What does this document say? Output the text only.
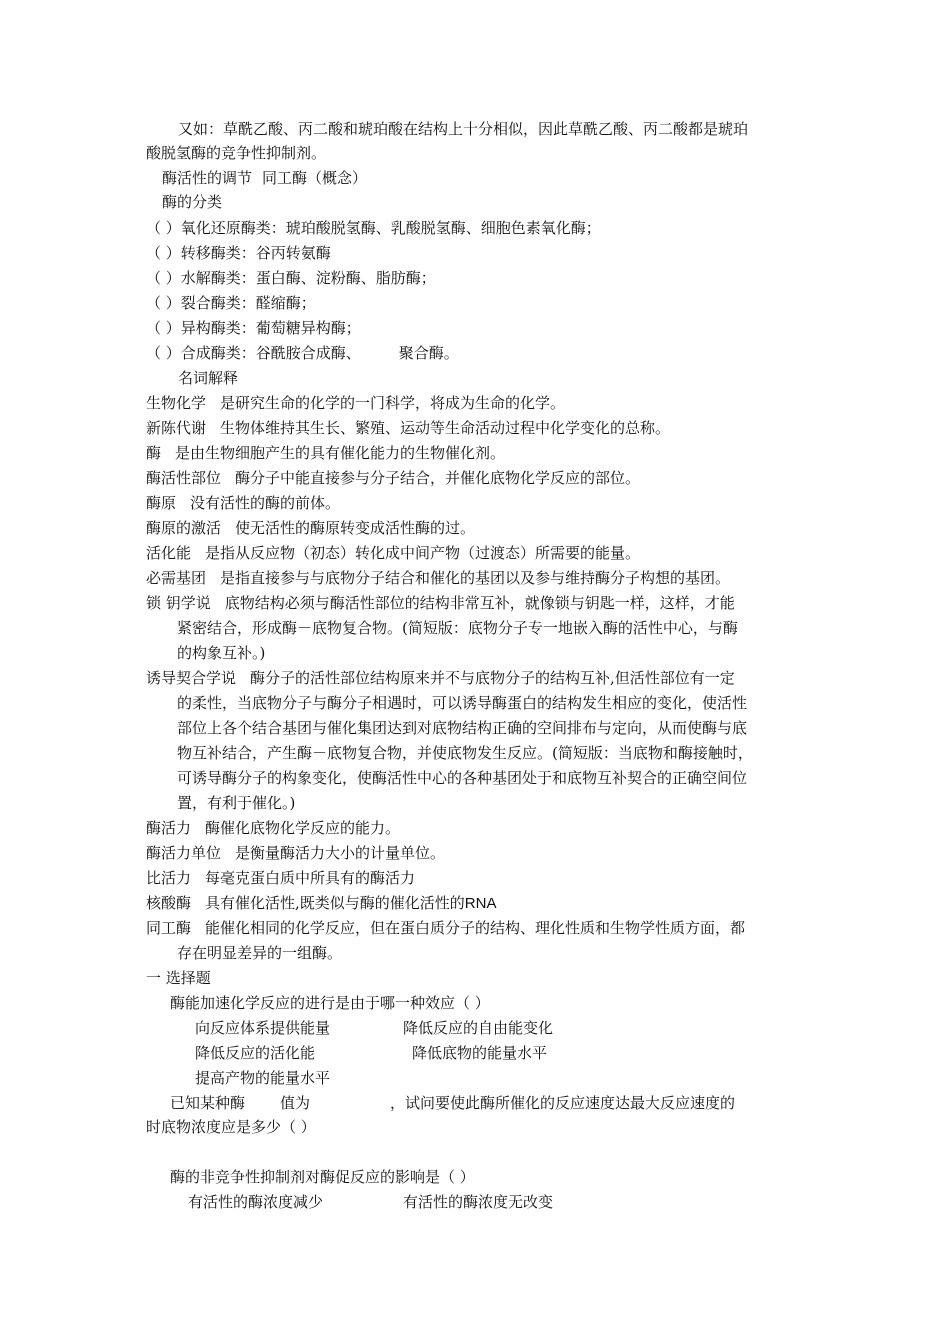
又如：草酰乙酸、丙二酸和琥珀酸在结构上十分相似，因此草酰乙酸、丙二酸都是琥珀
酸脱氢酶的竞争性抑制剂。
酶活性的调节 同工酶（概念）
酶的分类
（ ）氧化还原酶类：琥珀酸脱氢酶、乳酸脱氢酶、细胞色素氧化酶；
（ ）转移酶类：谷丙转氨酶
（ ）水解酶类：蛋白酶、淀粉酶、脂肪酶；
（ ）裂合酶类：醛缩酶；
（ ）异构酶类：葡萄糖异构酶；
（ ）合成酶类：谷酰胺合成酶、	聚合酶。
名词解释
生物化学 是研究生命的化学的一门科学，将成为生命的化学。
新陈代谢 生物体维持其生长、繁殖、运动等生命活动过程中化学变化的总称。
酶 是由生物细胞产生的具有催化能力的生物催化剂。
酶活性部位 酶分子中能直接参与分子结合，并催化底物化学反应的部位。
酶原 没有活性的酶的前体。
酶原的激活 使无活性的酶原转变成活性酶的过。
活化能 是指从反应物（初态）转化成中间产物（过渡态）所需要的能量。
必需基团 是指直接参与与底物分子结合和催化的基团以及参与维持酶分子构想的基团。
锁 钥学说 底物结构必须与酶活性部位的结构非常互补，就像锁与钥匙一样，这样，才能
紧密结合，形成酶－底物复合物。(简短版：底物分子专一地嵌入酶的活性中心，与酶
的构象互补。)
诱导契合学说 酶分子的活性部位结构原来并不与底物分子的结构互补,但活性部位有一定
的柔性，当底物分子与酶分子相遇时，可以诱导酶蛋白的结构发生相应的变化，使活性
部位上各个结合基团与催化集团达到对底物结构正确的空间排布与定向，从而使酶与底
物互补结合，产生酶－底物复合物，并使底物发生反应。(简短版：当底物和酶接触时，
可诱导酶分子的构象变化，使酶活性中心的各种基团处于和底物互补契合的正确空间位
置，有利于催化。)
酶活力 酶催化底物化学反应的能力。
酶活力单位 是衡量酶活力大小的计量单位。
比活力 每毫克蛋白质中所具有的酶活力
核酸酶 具有催化活性,既类似与酶的催化活性的RNA
同工酶 能催化相同的化学反应，但在蛋白质分子的结构、理化性质和生物学性质方面，都
存在明显差异的一组酶。
一 选择题
酶能加速化学反应的进行是由于哪一种效应（ ）
向反应体系提供能量	降低反应的自由能变化
降低反应的活化能	降低底物的能量水平
提高产物的能量水平
已知某种酶 值为	，试问要使此酶所催化的反应速度达最大反应速度的
时底物浓度应是多少（ ）
酶的非竞争性抑制剂对酶促反应的影响是（ ）
有活性的酶浓度减少	有活性的酶浓度无改变
